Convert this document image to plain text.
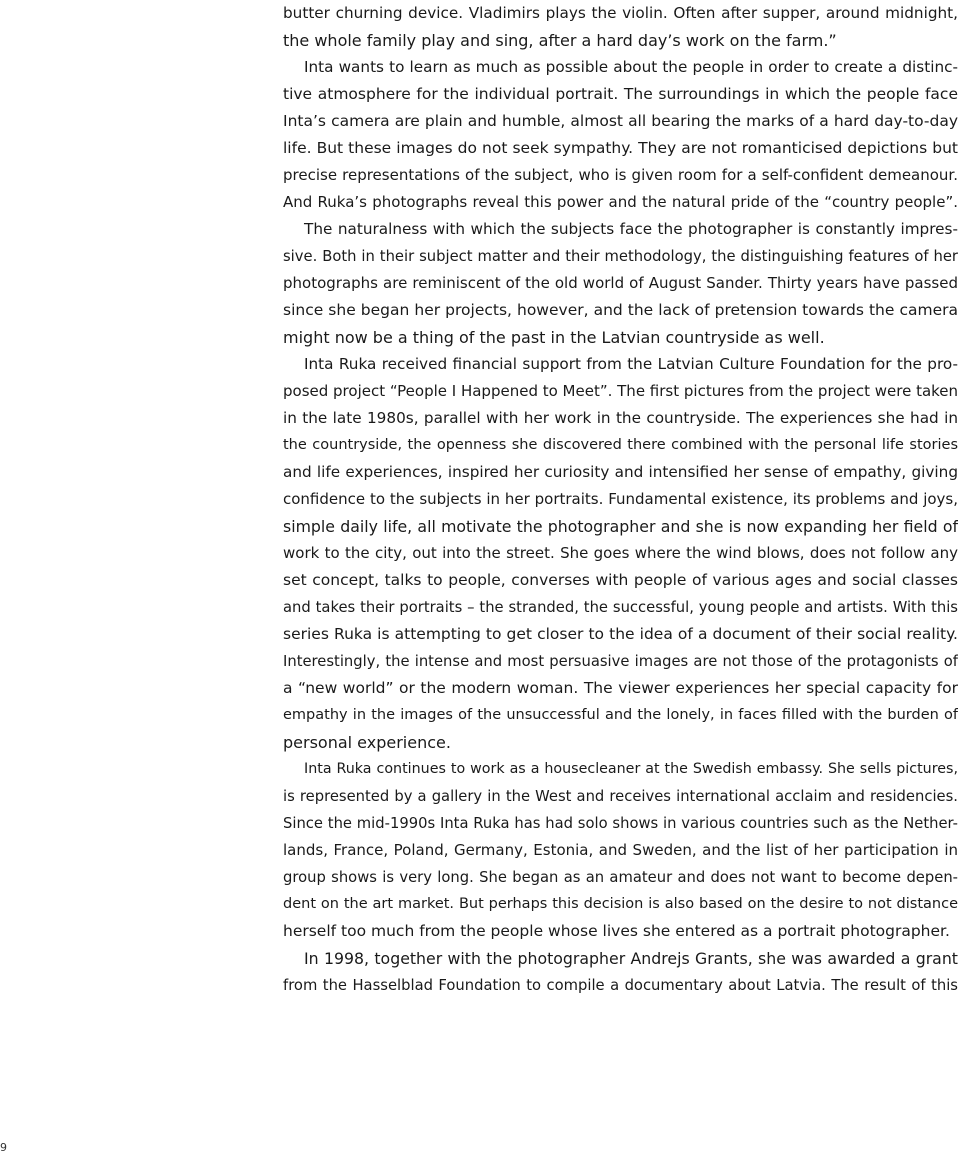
butter churning device. Vladimirs plays the violin. Often after supper, around midnight,
the whole family play and sing, after a hard day’s work on the farm.”
Inta wants to learn as much as possible about the people in order to create a distinc-
tive atmosphere for the individual portrait. The surroundings in which the people face
Inta’s camera are plain and humble, almost all bearing the marks of a hard day-to-day
life. But these images do not seek sympathy. They are not romanticised depictions but
precise representations of the subject, who is given room for a self-confident demeanour.
And Ruka’s photographs reveal this power and the natural pride of the “country people”.
The naturalness with which the subjects face the photographer is constantly impres-
sive. Both in their subject matter and their methodology, the distinguishing features of her
photographs are reminiscent of the old world of August Sander. Thirty years have passed
since she began her projects, however, and the lack of pretension towards the camera
might now be a thing of the past in the Latvian countryside as well.
Inta Ruka received financial support from the Latvian Culture Foundation for the pro-
posed project “People I Happened to Meet”. The first pictures from the project were taken
in the late 1980s, parallel with her work in the countryside. The experiences she had in
the countryside, the openness she discovered there combined with the personal life stories
and life experiences, inspired her curiosity and intensified her sense of empathy, giving
confidence to the subjects in her portraits. Fundamental existence, its problems and joys,
simple daily life, all motivate the photographer and she is now expanding her field of
work to the city, out into the street. She goes where the wind blows, does not follow any
set concept, talks to people, converses with people of various ages and social classes
and takes their portraits – the stranded, the successful, young people and artists. With this
series Ruka is attempting to get closer to the idea of a document of their social reality.
Interestingly, the intense and most persuasive images are not those of the protagonists of
a “new world” or the modern woman. The viewer experiences her special capacity for
empathy in the images of the unsuccessful and the lonely, in faces filled with the burden of
personal experience.
Inta Ruka continues to work as a housecleaner at the Swedish embassy. She sells pictures,
is represented by a gallery in the West and receives international acclaim and residencies.
Since the mid-1990s Inta Ruka has had solo shows in various countries such as the Nether-
lands, France, Poland, Germany, Estonia, and Sweden, and the list of her participation in
group shows is very long. She began as an amateur and does not want to become depen-
dent on the art market. But perhaps this decision is also based on the desire to not distance
herself too much from the people whose lives she entered as a portrait photographer.
In 1998, together with the photographer Andrejs Grants, she was awarded a grant
from the Hasselblad Foundation to compile a documentary about Latvia. The result of this
9
